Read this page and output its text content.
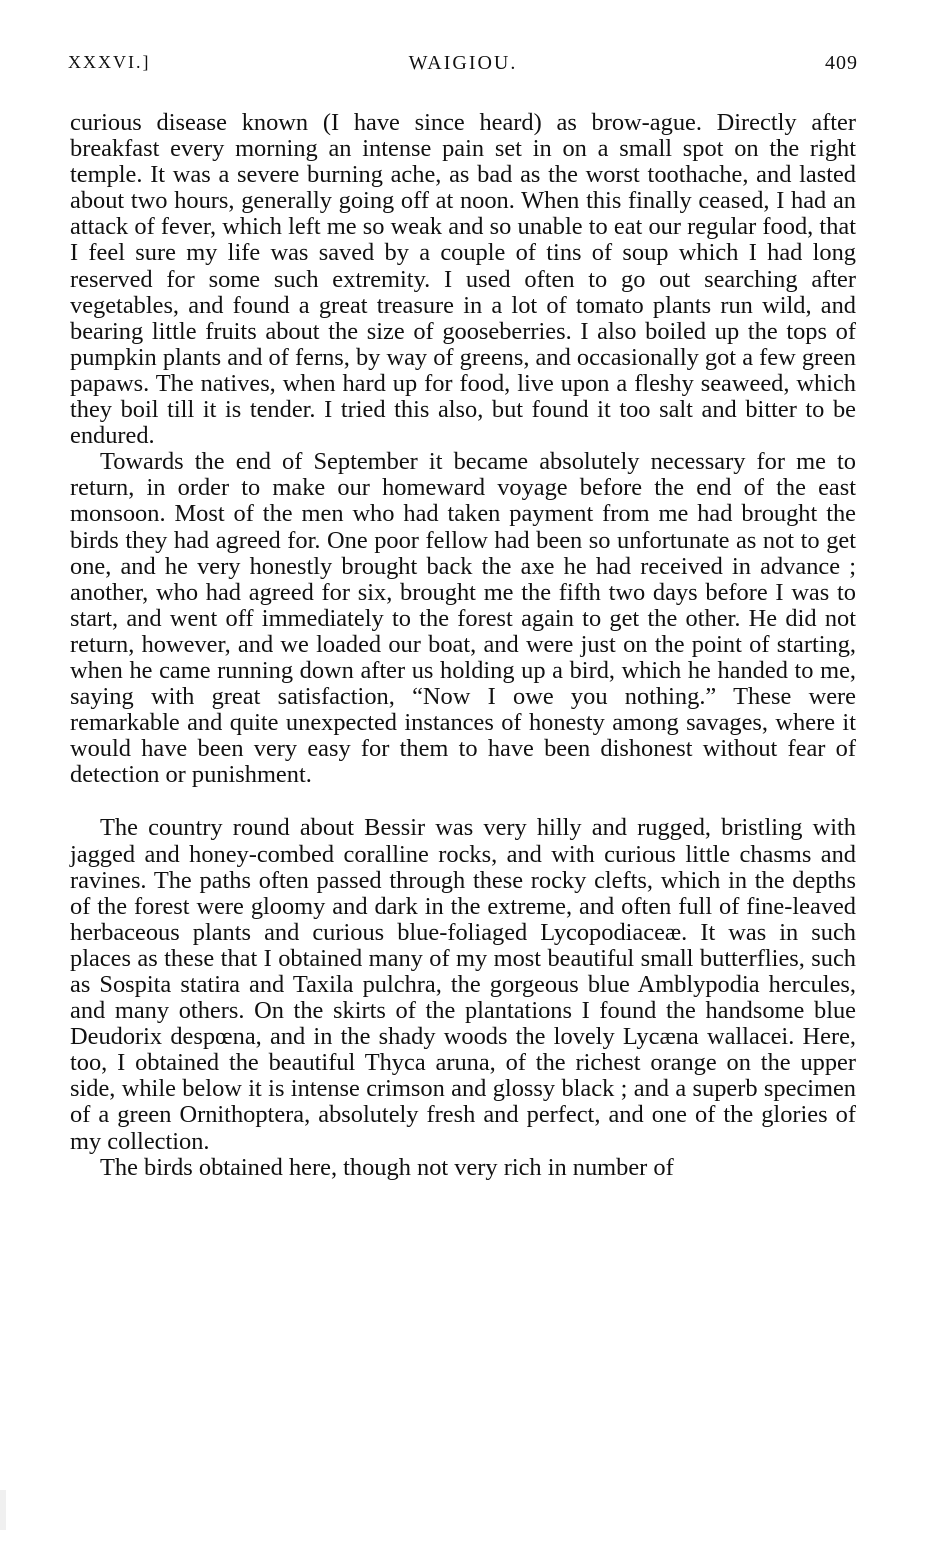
XXXVI.]	WAIGIOU.	409

curious disease known (I have since heard) as brow-ague. Directly after breakfast every morning an intense pain set in on a small spot on the right temple. It was a severe burning ache, as bad as the worst toothache, and lasted about two hours, generally going off at noon. When this finally ceased, I had an attack of fever, which left me so weak and so unable to eat our regular food, that I feel sure my life was saved by a couple of tins of soup which I had long reserved for some such extremity. I used often to go out searching after vegetables, and found a great treasure in a lot of tomato plants run wild, and bearing little fruits about the size of gooseberries. I also boiled up the tops of pumpkin plants and of ferns, by way of greens, and occasionally got a few green papaws. The natives, when hard up for food, live upon a fleshy seaweed, which they boil till it is tender. I tried this also, but found it too salt and bitter to be endured.

Towards the end of September it became absolutely necessary for me to return, in order to make our homeward voyage before the end of the east monsoon. Most of the men who had taken payment from me had brought the birds they had agreed for. One poor fellow had been so unfortunate as not to get one, and he very honestly brought back the axe he had received in advance ; another, who had agreed for six, brought me the fifth two days before I was to start, and went off immediately to the forest again to get the other. He did not return, however, and we loaded our boat, and were just on the point of starting, when he came running down after us holding up a bird, which he handed to me, saying with great satisfaction, “Now I owe you nothing.” These were remarkable and quite unexpected instances of honesty among savages, where it would have been very easy for them to have been dishonest without fear of detection or punishment.

The country round about Bessir was very hilly and rugged, bristling with jagged and honey-combed coralline rocks, and with curious little chasms and ravines. The paths often passed through these rocky clefts, which in the depths of the forest were gloomy and dark in the extreme, and often full of fine-leaved herbaceous plants and curious blue-foliaged Lycopodiaceæ. It was in such places as these that I obtained many of my most beautiful small butterflies, such as Sospita statira and Taxila pulchra, the gorgeous blue Amblypodia hercules, and many others. On the skirts of the plantations I found the handsome blue Deudorix despœna, and in the shady woods the lovely Lycæna wallacei. Here, too, I obtained the beautiful Thyca aruna, of the richest orange on the upper side, while below it is intense crimson and glossy black ; and a superb specimen of a green Ornithoptera, absolutely fresh and perfect, and one of the glories of my collection.

The birds obtained here, though not very rich in number of
